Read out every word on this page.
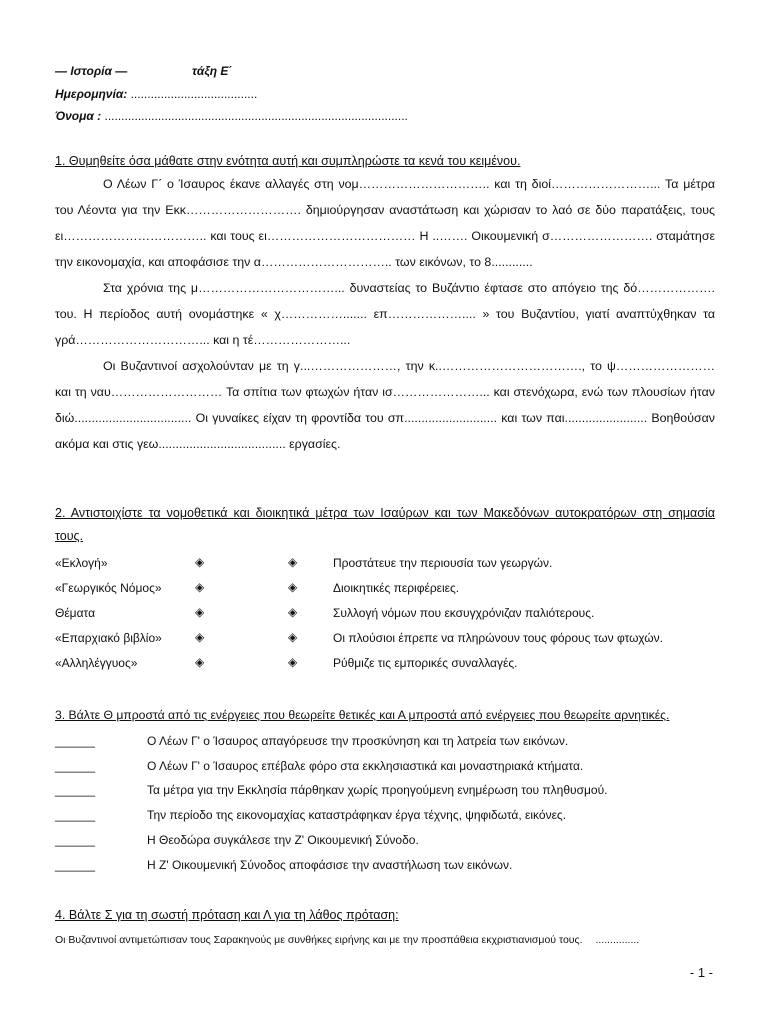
— Ιστορία —	τάξη Ε΄
Ημερομηνία: ......................................
Όνομα : ...........................................................................................
1. Θυμηθείτε όσα μάθατε στην ενότητα αυτή και συμπληρώστε τα κενά του κειμένου.

Ο Λέων Γ΄ ο Ίσαυρος έκανε αλλαγές στη νομ………………………….. και τη διοί……………………... Τα μέτρα του Λέοντα για την Εκκ………………………. δημιούργησαν αναστάτωση και χώρισαν το λαό σε δύο παρατάξεις, τους ει…………………………….. και τους ει……………………………… Η ..……. Οικουμενική σ……………………. σταμάτησε την εικονομαχία, και αποφάσισε την α………………………….. των εικόνων, το 8............

Στα χρόνια της μ……………………………... δυναστείας το Βυζάντιο έφτασε στο απόγειο της δό………………. του. Η περίοδος αυτή ονομάστηκε « χ……………....... επ……………….... » του Βυζαντίου, γιατί αναπτύχθηκαν τα γρά…………………………... και η τέ…………………...

Οι Βυζαντινοί ασχολούνταν με τη γ...…………………, την κ..……………………………., το ψ…………………… και τη ναυ……………………… Τα σπίτια των φτωχών ήταν ισ…………………... και στενόχωρα, ενώ των πλουσίων ήταν διώ.................................. Οι γυναίκες είχαν τη φροντίδα του σπ........................... και των παι........................ Βοηθούσαν ακόμα και στις γεω..................................... εργασίες.

2. Αντιστοιχίστε τα νομοθετικά και διοικητικά μέτρα των Ισαύρων και των Μακεδόνων αυτοκρατόρων στη σημασία
τους.
«Εκλογή»	◈	◈	Προστάτευε την περιουσία των γεωργών.
«Γεωργικός Νόμος»	◈	◈	Διοικητικές περιφέρειες.
Θέματα	◈	◈	Συλλογή νόμων που εκσυγχρόνιζαν παλιότερους.
«Επαρχιακό βιβλίο»	◈	◈	Οι πλούσιοι έπρεπε να πληρώνουν τους φόρους των φτωχών.
«Αλληλέγγυος»	◈	◈	Ρύθμιζε τις εμπορικές συναλλαγές.
3. Βάλτε Θ μπροστά από τις ενέργειες που θεωρείτε θετικές και Α μπροστά από ενέργειες που θεωρείτε αρνητικές.
______	Ο Λέων Γ' ο Ίσαυρος απαγόρευσε την προσκύνηση και τη λατρεία των εικόνων.
______	Ο Λέων Γ' ο Ίσαυρος επέβαλε φόρο στα εκκλησιαστικά και μοναστηριακά κτήματα.
______	Τα μέτρα για την Εκκλησία πάρθηκαν χωρίς προηγούμενη ενημέρωση του πληθυσμού.
______	Την περίοδο της εικονομαχίας καταστράφηκαν έργα τέχνης, ψηφιδωτά, εικόνες.
______	Η Θεοδώρα συγκάλεσε την Ζ' Οικουμενική Σύνοδο.
______	Η Ζ' Οικουμενική Σύνοδος αποφάσισε την αναστήλωση των εικόνων.
4. Βάλτε Σ για τη σωστή πρόταση και Λ για τη λάθος πρόταση:
Οι Βυζαντινοί αντιμετώπισαν τους Σαρακηνούς με συνθήκες ειρήνης και με την προσπάθεια εκχριστιανισμού τους. ...............
- 1 -
